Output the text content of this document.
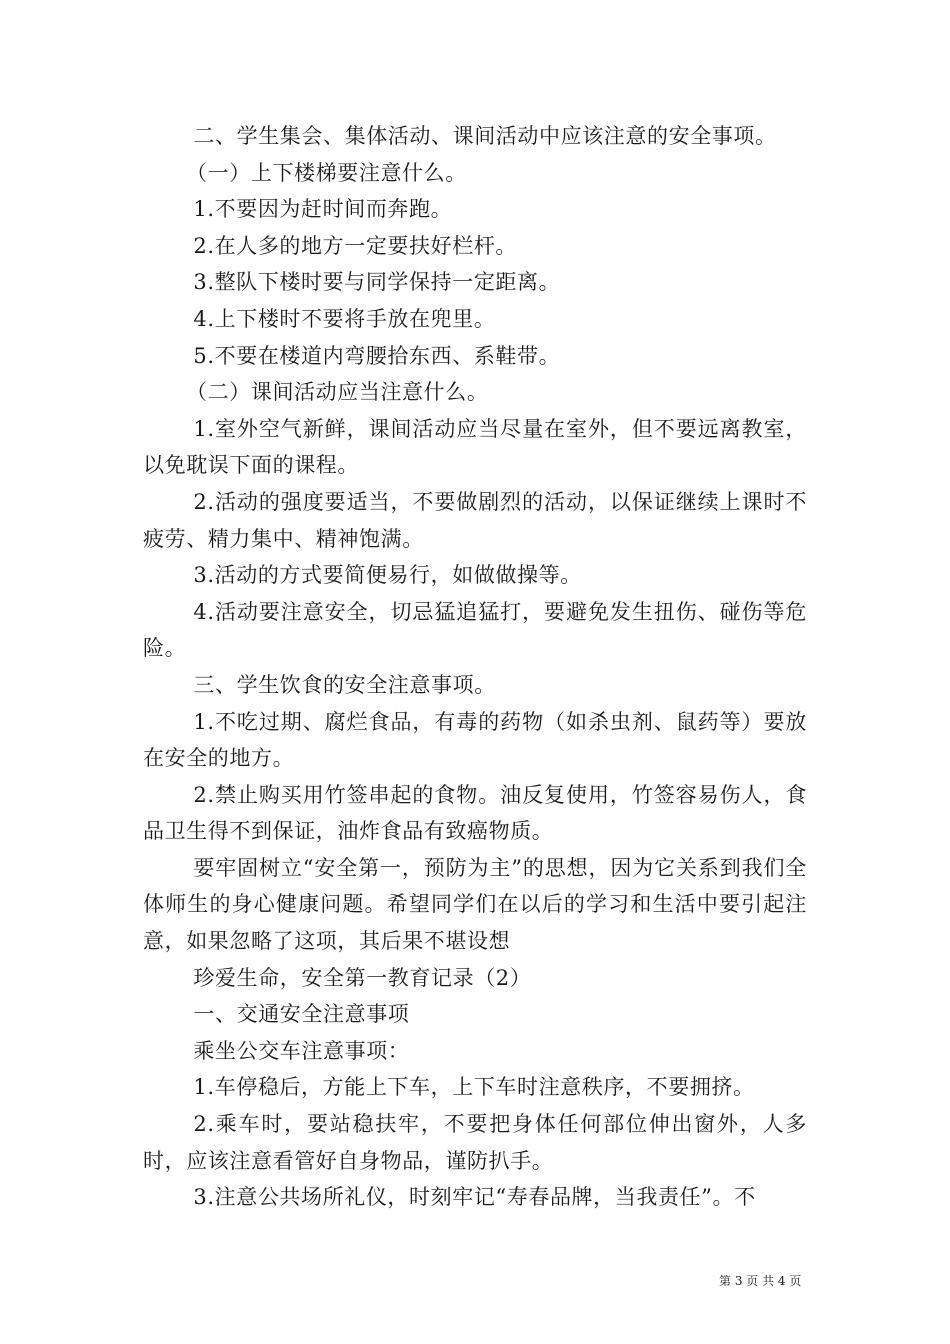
二、学生集会、集体活动、课间活动中应该注意的安全事项。

（一）上下楼梯要注意什么。

1.不要因为赶时间而奔跑。

2.在人多的地方一定要扶好栏杆。

3.整队下楼时要与同学保持一定距离。

4.上下楼时不要将手放在兜里。

5.不要在楼道内弯腰拾东西、系鞋带。

（二）课间活动应当注意什么。

1.室外空气新鲜，课间活动应当尽量在室外，但不要远离教室，以免耽误下面的课程。

2.活动的强度要适当，不要做剧烈的活动，以保证继续上课时不疲劳、精力集中、精神饱满。

3.活动的方式要简便易行，如做做操等。

4.活动要注意安全，切忌猛追猛打，要避免发生扭伤、碰伤等危险。

三、学生饮食的安全注意事项。

1.不吃过期、腐烂食品，有毒的药物（如杀虫剂、鼠药等）要放在安全的地方。

2.禁止购买用竹签串起的食物。油反复使用，竹签容易伤人，食品卫生得不到保证，油炸食品有致癌物质。

要牢固树立“安全第一，预防为主”的思想，因为它关系到我们全体师生的身心健康问题。希望同学们在以后的学习和生活中要引起注意，如果忽略了这项，其后果不堪设想

珍爱生命，安全第一教育记录（2）

一、交通安全注意事项

乘坐公交车注意事项：

1.车停稳后，方能上下车，上下车时注意秩序，不要拥挤。

2.乘车时，要站稳扶牢，不要把身体任何部位伸出窗外，人多时，应该注意看管好自身物品，谨防扒手。

3.注意公共场所礼仪，时刻牢记“寿春品牌，当我责任”。不

第 3 页 共 4 页
